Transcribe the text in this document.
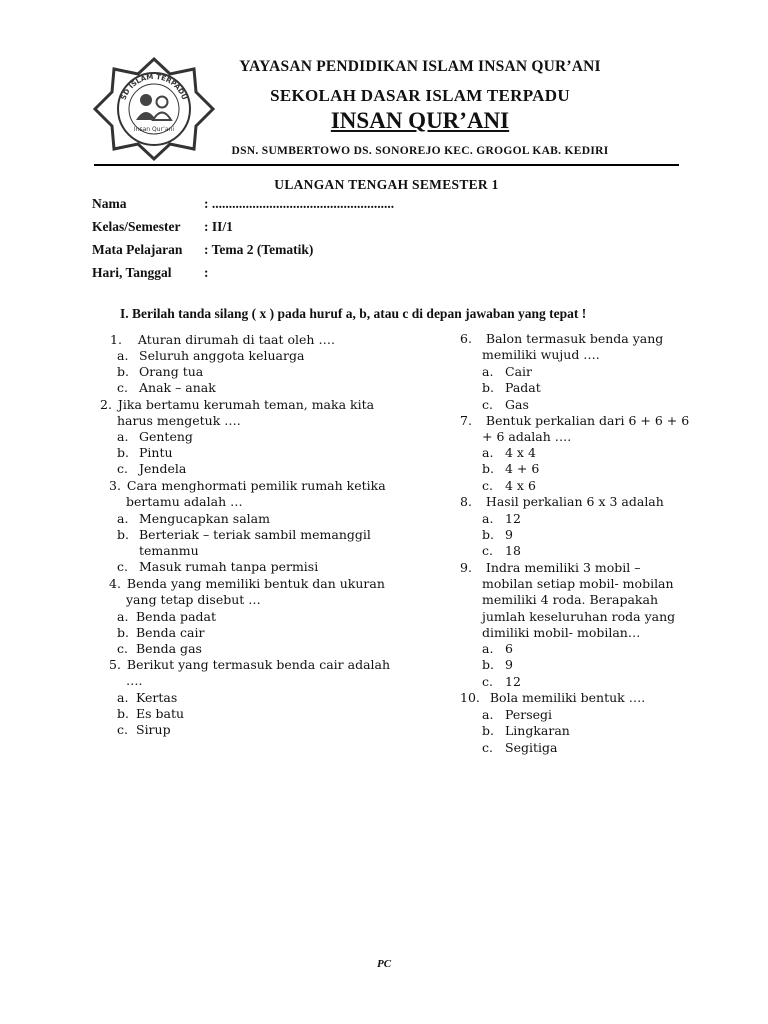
SD ISLAM TERPADU
Insan Qur’ani
YAYASAN PENDIDIKAN ISLAM INSAN QUR’ANI
SEKOLAH DASAR ISLAM TERPADU
INSAN QUR’ANI
DSN. SUMBERTOWO DS. SONOREJO KEC. GROGOL KAB. KEDIRI
ULANGAN TENGAH SEMESTER 1
Nama	: ......................................................
Kelas/Semester : II/1
Mata Pelajaran : Tema 2 (Tematik)
Hari, Tanggal :
I. Berilah tanda silang ( x ) pada huruf a, b, atau c di depan jawaban yang tepat !
1. Aturan dirumah di taat oleh ….
a. Seluruh anggota keluarga
b. Orang tua
c. Anak – anak
2. Jika bertamu kerumah teman, maka kita
harus mengetuk ….
a. Genteng
b. Pintu
c. Jendela
3. Cara menghormati pemilik rumah ketika
bertamu adalah …
a. Mengucapkan salam
b. Berteriak – teriak sambil memanggil
temanmu
c. Masuk rumah tanpa permisi
4. Benda yang memiliki bentuk dan ukuran
yang tetap disebut …
a. Benda padat
b. Benda cair
c. Benda gas
5. Berikut yang termasuk benda cair adalah
….
a. Kertas
b. Es batu
c. Sirup
6. Balon termasuk benda yang
memiliki wujud ….
a. Cair
b. Padat
c. Gas
7. Bentuk perkalian dari 6 + 6 + 6
+ 6 adalah ….
a. 4 x 4
b. 4 + 6
c. 4 x 6
8. Hasil perkalian 6 x 3 adalah
a. 12
b. 9
c. 18
9. Indra memiliki 3 mobil –
mobilan setiap mobil- mobilan
memiliki 4 roda. Berapakah
jumlah keseluruhan roda yang
dimiliki mobil- mobilan…
a. 6
b. 9
c. 12
10. Bola memiliki bentuk ….
a. Persegi
b. Lingkaran
c. Segitiga
PC
